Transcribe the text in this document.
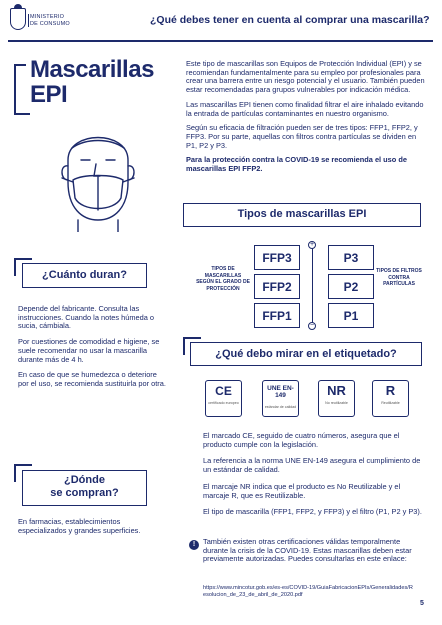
MINISTERIO
DE CONSUMO	¿Qué debes tener en cuenta al comprar una mascarilla?
Mascarillas
EPI

Este tipo de mascarillas son Equipos de Protección Individual (EPI) y se recomiendan fundamentalmente para su empleo por profesionales para crear una barrera entre un riesgo potencial y el usuario. También pueden estar recomendadas para grupos vulnerables por indicación médica.

Las mascarillas EPI tienen como finalidad filtrar el aire inhalado evitando la entrada de partículas contaminantes en nuestro organismo.

Según su eficacia de filtración pueden ser de tres tipos: FFP1, FFP2, y FFP3. Por su parte, aquellas con filtros contra partículas se dividen en P1, P2 y P3.

Para la protección contra la COVID-19 se recomienda el uso de mascarillas EPI FFP2.

Tipos de mascarillas EPI
TIPOS DE MASCARILLAS SEGÚN EL GRADO DE PROTECCIÓN
TIPOS DE FILTROS CONTRA PARTÍCULAS
+
−
FFP3
FFP2
FFP1
P3
P2
P1
¿Cuánto duran?

Depende del fabricante. Consulta las instrucciones. Cuando la notes húmeda o sucia, cámbiala.

Por cuestiones de comodidad e higiene, se suele recomendar no usar la mascarilla durante más de 4 h.

En caso de que se humedezca o deteriore por el uso, se recomienda sustituirla por otra.

¿Qué debo mirar en el etiquetado?
CE
certificado europeo
UNE EN-149
estándar de calidad
NR
No reutilizable
R
Reutilizable

El marcado CE, seguido de cuatro números, asegura que el producto cumple con la legislación.

La referencia a la norma UNE EN-149 asegura el cumplimiento de un estándar de calidad.

El marcaje NR indica que el producto es No Reutilizable y el marcaje R, que es Reutilizable.

El tipo de mascarilla (FFP1, FFP2, y FFP3) y el filtro (P1, P2 y P3).

!	También existen otras certificaciones válidas temporalmente durante la crisis de la COVID-19. Estas mascarillas deben estar previamente autorizadas. Puedes consultarlas en este enlace:
https://www.mincotur.gob.es/es-es/COVID-19/GuiaFabricacionEPIs/Generalidades/Resolucion_de_23_de_abril_de_2020.pdf
¿Dónde
se compran?
En farmacias, establecimientos especializados y grandes superficies.
5
